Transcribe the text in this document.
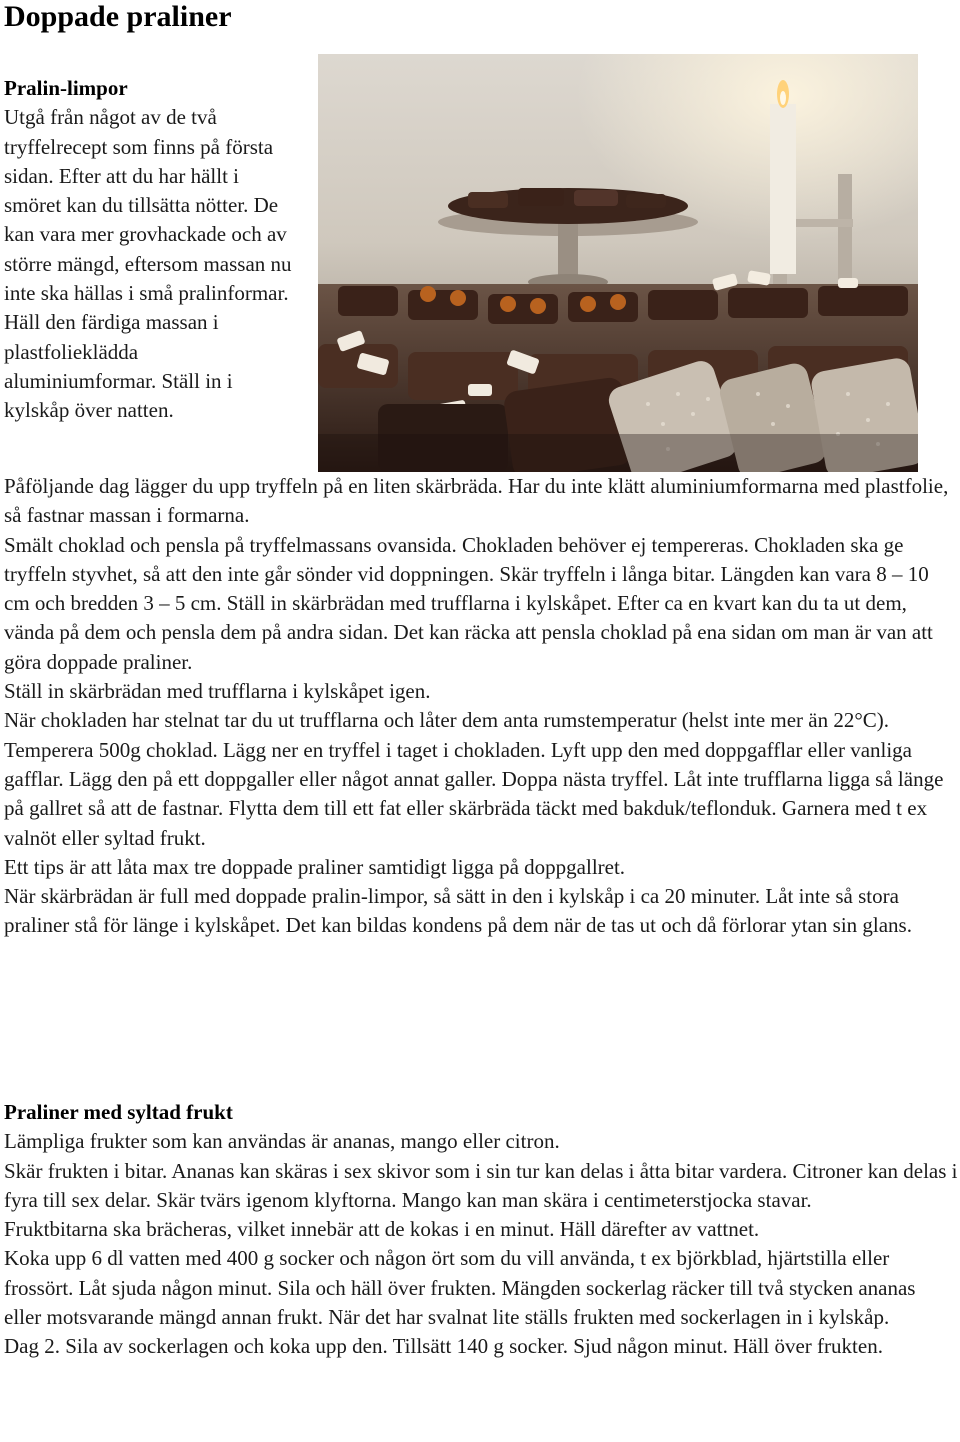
Doppade praliner
Pralin-limpor

Utgå från något av de två tryffelrecept som finns på första sidan. Efter att du har hällt i smöret kan du tillsätta nötter. De kan vara mer grovhackade och av större mängd, eftersom massan nu inte ska hällas i små pralinformar. Häll den färdiga massan i plastfolieklädda aluminiumformar. Ställ in i kylskåp över natten.

Påföljande dag lägger du upp tryffeln på en liten skärbräda. Har du inte klätt aluminiumformarna med plastfolie, så fastnar massan i formarna.

Smält choklad och pensla på tryffelmassans ovansida. Chokladen behöver ej tempereras. Chokladen ska ge tryffeln styvhet, så att den inte går sönder vid doppningen. Skär tryffeln i långa bitar. Längden kan vara 8 – 10 cm och bredden 3 – 5 cm. Ställ in skärbrädan med trufflarna i kylskåpet. Efter ca en kvart kan du ta ut dem, vända på dem och pensla dem på andra sidan. Det kan räcka att pensla choklad på ena sidan om man är van att göra doppade praliner.

Ställ in skärbrädan med trufflarna i kylskåpet igen.

När chokladen har stelnat tar du ut trufflarna och låter dem anta rumstemperatur (helst inte mer än 22°C).

Temperera 500g choklad. Lägg ner en tryffel i taget i chokladen. Lyft upp den med doppgafflar eller vanliga gafflar. Lägg den på ett doppgaller eller något annat galler. Doppa nästa tryffel. Låt inte trufflarna ligga så länge på gallret så att de fastnar. Flytta dem till ett fat eller skärbräda täckt med bakduk/teflonduk. Garnera med t ex valnöt eller syltad frukt.

Ett tips är att låta max tre doppade praliner samtidigt ligga på doppgallret.

När skärbrädan är full med doppade pralin-limpor, så sätt in den i kylskåp i ca 20 minuter. Låt inte så stora praliner stå för länge i kylskåpet. Det kan bildas kondens på dem när de tas ut och då förlorar ytan sin glans.

Praliner med syltad frukt

Lämpliga frukter som kan användas är ananas, mango eller citron.

Skär frukten i bitar. Ananas kan skäras i sex skivor som i sin tur kan delas i åtta bitar vardera. Citroner kan delas i fyra till sex delar. Skär tvärs igenom klyftorna. Mango kan man skära i centimeterstjocka stavar.

Fruktbitarna ska brächeras, vilket innebär att de kokas i en minut. Häll därefter av vattnet.

Koka upp 6 dl vatten med 400 g socker och någon ört som du vill använda, t ex björkblad, hjärtstilla eller frossört. Låt sjuda någon minut. Sila och häll över frukten. Mängden sockerlag räcker till två stycken ananas eller motsvarande mängd annan frukt. När det har svalnat lite ställs frukten med sockerlagen in i kylskåp.

Dag 2. Sila av sockerlagen och koka upp den. Tillsätt 140 g socker. Sjud någon minut. Häll över frukten.
